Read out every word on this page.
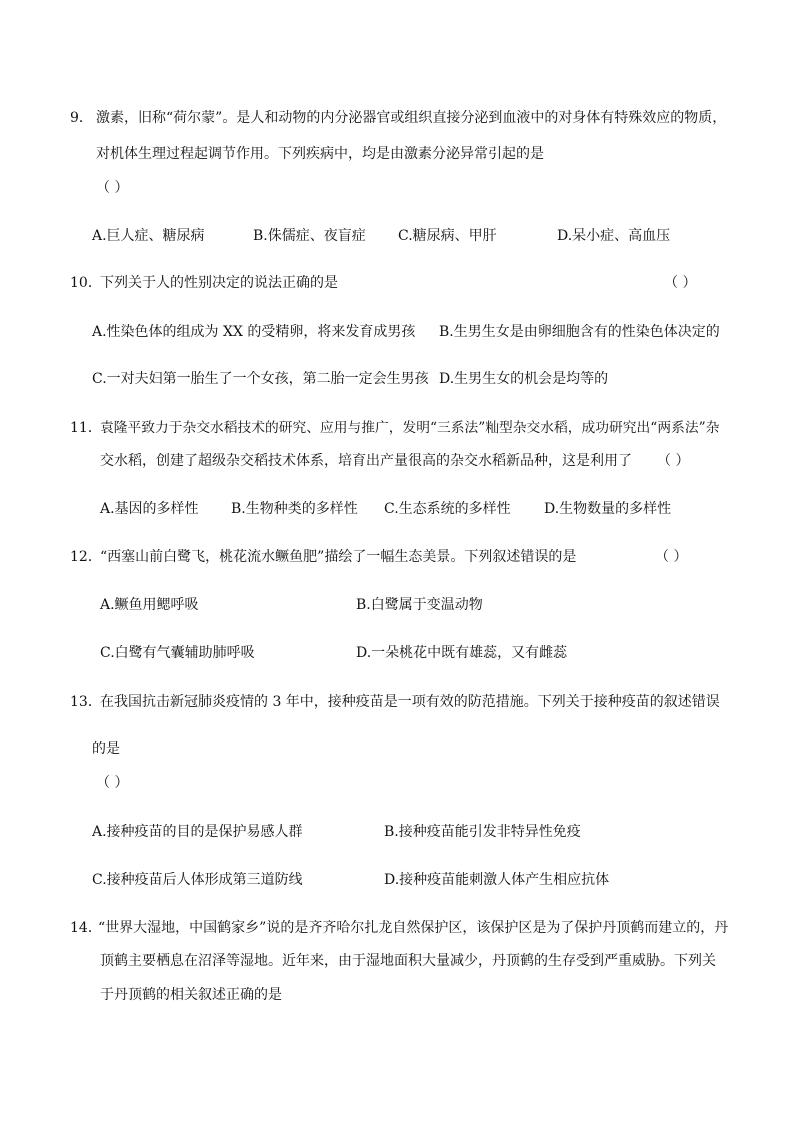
9． 激素，旧称“荷尔蒙”。是人和动物的内分泌器官或组织直接分泌到血液中的对身体有特殊效应的物质，
对机体生理过程起调节作用。下列疾病中，均是由激素分泌异常引起的是
（ ）
A.巨人症、糖尿病	B.侏儒症、夜盲症 C.糖尿病、甲肝	D.呆小症、高血压
10．
下列关于人的性别决定的说法正确的是	（ ）
A.性染色体的组成为 XX 的受精卵，将来发育成男孩 B.生男生女是由卵细胞含有的性染色体决定的
C.一对夫妇第一胎生了一个女孩，第二胎一定会生男孩 D.生男生女的机会是均等的
11．
袁隆平致力于杂交水稻技术的研究、应用与推广，发明“三系法”籼型杂交水稻，成功研究出“两系法”杂
交水稻，创建了超级杂交稻技术体系，培育出产量很高的杂交水稻新品种，这是利用了 （ ）
A.基因的多样性 B.生物种类的多样性 C.生态系统的多样性 D.生物数量的多样性
12．
“西塞山前白鹭飞，桃花流水鳜鱼肥”描绘了一幅生态美景。下列叙述错误的是	（ ）
A.鳜鱼用鳃呼吸	B.白鹭属于变温动物
C.白鹭有气囊辅助肺呼吸	D.一朵桃花中既有雄蕊，又有雌蕊
13．
在我国抗击新冠肺炎疫情的 3 年中，接种疫苗是一项有效的防范措施。下列关于接种疫苗的叙述错误
的是
（ ）
A.接种疫苗的目的是保护易感人群	B.接种疫苗能引发非特异性免疫
C.接种疫苗后人体形成第三道防线	D.接种疫苗能刺激人体产生相应抗体
14．
“世界大湿地，中国鹤家乡”说的是齐齐哈尔扎龙自然保护区，该保护区是为了保护丹顶鹤而建立的，丹
顶鹤主要栖息在沼泽等湿地。近年来，由于湿地面积大量减少，丹顶鹤的生存受到严重威胁。下列关
于丹顶鹤的相关叙述正确的是
